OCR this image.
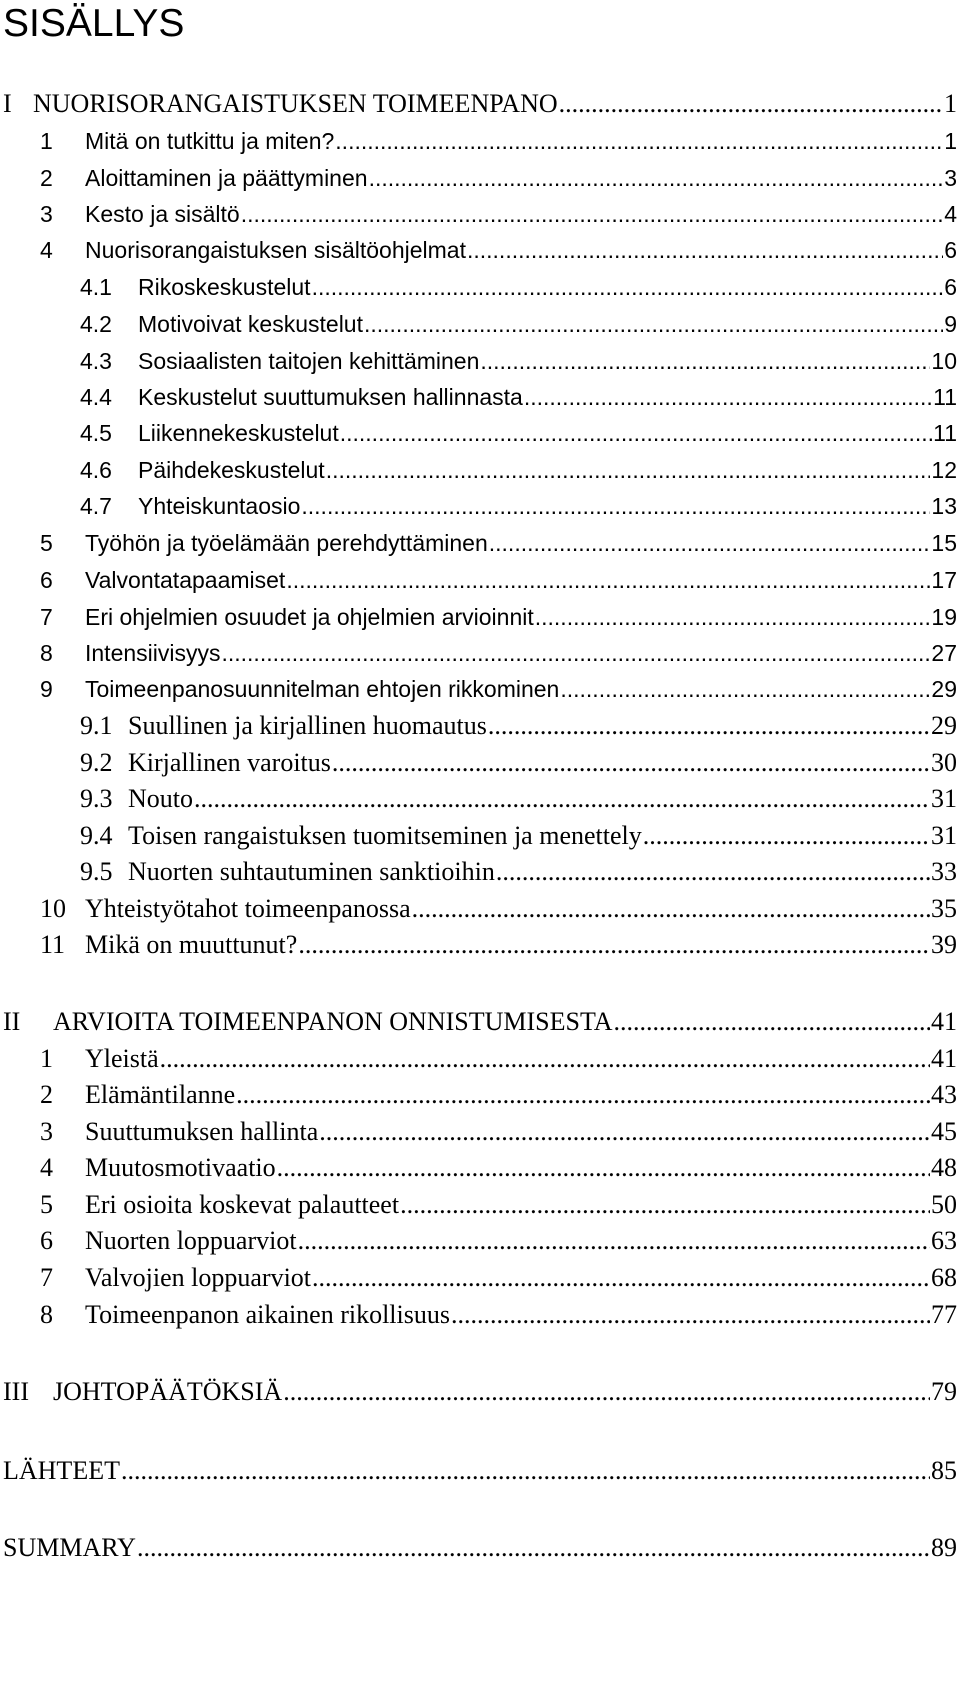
SISÄLLYS
I NUORISORANGAISTUKSEN TOIMEENPANO .....	1
1	Mitä on tutkittu ja miten? .....	1
2	Aloittaminen ja päättyminen .....	3
3	Kesto ja sisältö .....	4
4	Nuorisorangaistuksen sisältöohjelmat .....	6
4.1	Rikoskeskustelut .....	6
4.2	Motivoivat keskustelut .....	9
4.3	Sosiaalisten taitojen kehittäminen .....	10
4.4	Keskustelut suuttumuksen hallinnasta .....	11
4.5	Liikennekeskustelut .....	11
4.6	Päihdekeskustelut .....	12
4.7	Yhteiskuntaosio .....	13
5	Työhön ja työelämään perehdyttäminen .....	15
6	Valvontatapaamiset .....	17
7	Eri ohjelmien osuudet ja ohjelmien arvioinnit .....	19
8	Intensiivisyys .....	27
9	Toimeenpanosuunnitelman ehtojen rikkominen .....	29
9.1 Suullinen ja kirjallinen huomautus .....	29
9.2 Kirjallinen varoitus .....	30
9.3 Nouto .....	31
9.4 Toisen rangaistuksen tuomitseminen ja menettely .....	31
9.5 Nuorten suhtautuminen sanktioihin .....	33
10 Yhteistyötahot toimeenpanossa .....	35
11 Mikä on muuttunut? .....	39
II	ARVIOITA TOIMEENPANON ONNISTUMISESTA .....	41
1	Yleistä .....	41
2	Elämäntilanne .....	43
3	Suuttumuksen hallinta .....	45
4	Muutosmotivaatio .....	48
5	Eri osioita koskevat palautteet .....	50
6	Nuorten loppuarviot .....	63
7	Valvojien loppuarviot .....	68
8	Toimeenpanon aikainen rikollisuus .....	77
III JOHTOPÄÄTÖKSIÄ .....	79
LÄHTEET .....	85
SUMMARY .....	89
